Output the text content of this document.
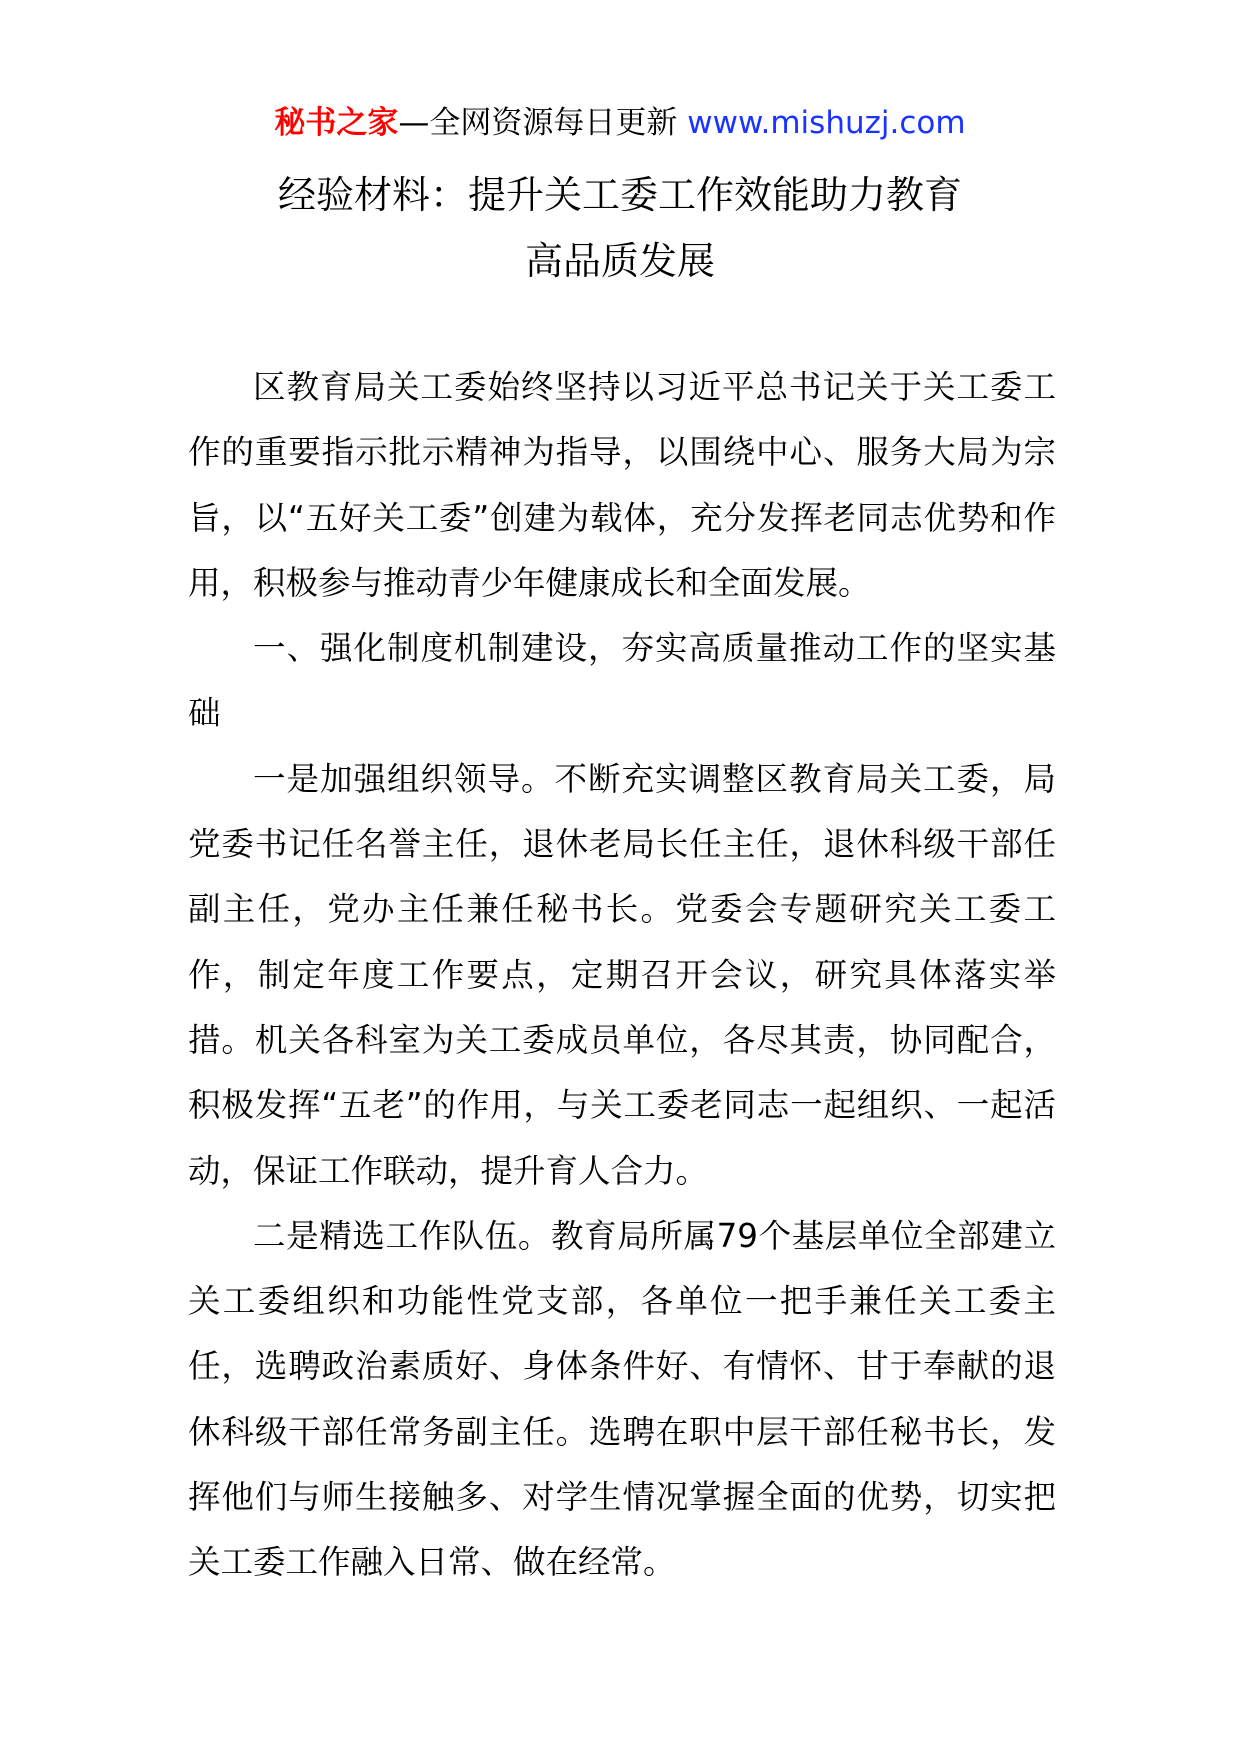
秘书之家—全网资源每日更新 www.mishuzj.com
经验材料：提升关工委工作效能助力教育
高品质发展

区教育局关工委始终坚持以习近平总书记关于关工委工作的重要指示批示精神为指导，以围绕中心、服务大局为宗旨，以“五好关工委”创建为载体，充分发挥老同志优势和作用，积极参与推动青少年健康成长和全面发展。

一、强化制度机制建设，夯实高质量推动工作的坚实基础

一是加强组织领导。不断充实调整区教育局关工委，局党委书记任名誉主任，退休老局长任主任，退休科级干部任副主任，党办主任兼任秘书长。党委会专题研究关工委工作，制定年度工作要点，定期召开会议，研究具体落实举措。机关各科室为关工委成员单位，各尽其责，协同配合，积极发挥“五老”的作用，与关工委老同志一起组织、一起活动，保证工作联动，提升育人合力。

二是精选工作队伍。教育局所属79个基层单位全部建立关工委组织和功能性党支部，各单位一把手兼任关工委主任，选聘政治素质好、身体条件好、有情怀、甘于奉献的退休科级干部任常务副主任。选聘在职中层干部任秘书长，发挥他们与师生接触多、对学生情况掌握全面的优势，切实把关工委工作融入日常、做在经常。
